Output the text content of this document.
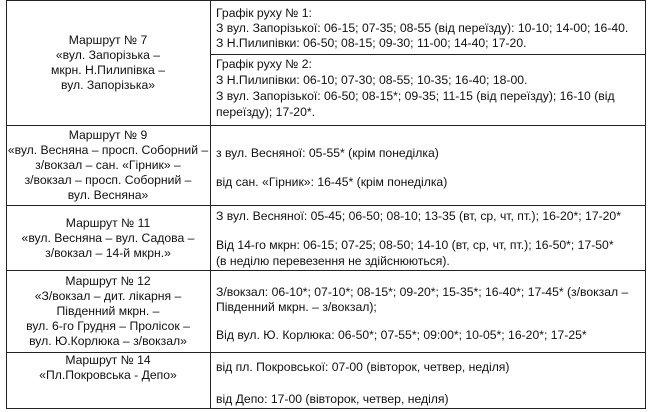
Маршрут № 7
«вул. Запорізька –
мкрн. Н.Пилипівка –
вул. Запорізька»
Графік руху № 1:
З вул. Запорізької: 06-15; 07-35; 08-55 (від переїзду): 10-10; 14-00; 16-40.
З Н.Пилипівки: 06-50; 08-15; 09-30; 11-00; 14-40; 17-20.
Графік руху № 2:
З Н.Пилипівки: 06-10; 07-30; 08-55; 10-35; 16-40; 18-00.
З вул. Запорізької: 06-50; 08-15*; 09-35; 11-15 (від переїзду); 16-10 (від
переїзду); 17-20*.
Маршрут № 9
«вул. Весняна – просп. Соборний –
з/вокзал – сан. «Гірник» –
з/вокзал – просп. Соборний –
вул. Весняна»
з вул. Весняної: 05-55* (крім понеділка)
від сан. «Гірник»: 16-45* (крім понеділка)
Маршрут № 11
«вул. Весняна – вул. Садова –
з/вокзал – 14-й мкрн.»
З вул. Весняної: 05-45; 06-50; 08-10; 13-35 (вт, ср, чт, пт.); 16-20*; 17-20*
Від 14-го мкрн: 06-15; 07-25; 08-50; 14-10 (вт, ср, чт, пт.); 16-50*; 17-50*
(в неділю перевезення не здійснюються).
Маршрут № 12
«З/вокзал – дит. лікарня –
Південний мкрн. –
вул. 6-го Грудня – Пролісок –
вул. Ю.Корлюка – з/вокзал»
З/вокзал: 06-10*; 07-10*; 08-15*; 09-20*; 15-35*; 16-40*; 17-45* (з/вокзал –
Південний мкрн. – з/вокзал);
Від вул. Ю. Корлюка: 06-50*; 07-55*; 09:00*; 10-05*; 16-20*; 17-25*
Маршрут № 14
«Пл.Покровська - Депо»
від пл. Покровської: 07-00 (вівторок, четвер, неділя)
від Депо: 17-00 (вівторок, четвер, неділя)
